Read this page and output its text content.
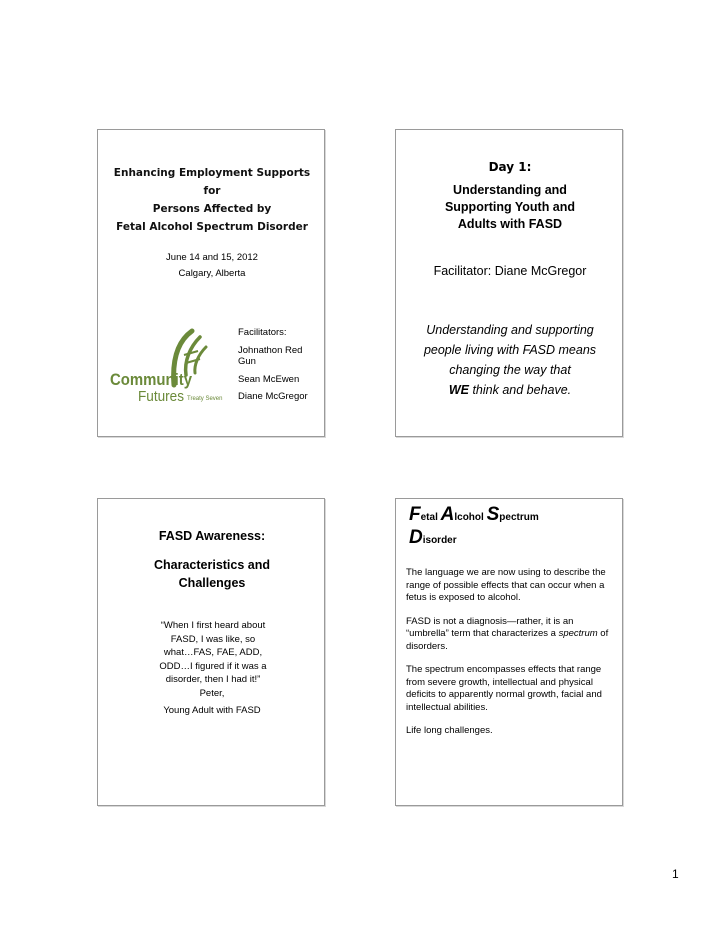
Enhancing Employment Supports
for
Persons Affected by
Fetal Alcohol Spectrum Disorder
June 14 and 15, 2012
Calgary, Alberta
Community
Futures Treaty Seven
Facilitators:
Johnathon Red Gun
Sean McEwen
Diane McGregor
Day 1:
Understanding and
Supporting Youth and
Adults with FASD
Facilitator: Diane McGregor
Understanding and supporting
people living with FASD means
changing the way that
WE think and behave.
FASD Awareness:
Characteristics and
Challenges
“When I first heard about
FASD, I was like, so
what…FAS, FAE, ADD,
ODD…I figured if it was a
disorder, then I had it!”
Peter,
Young Adult with FASD
Fetal Alcohol Spectrum
Disorder

The language we are now using to describe the range of possible effects that can occur when a fetus is exposed to alcohol.

FASD is not a diagnosis—rather, it is an “umbrella” term that characterizes a spectrum of disorders.

The spectrum encompasses effects that range from severe growth, intellectual and physical deficits to apparently normal growth, facial and intellectual abilities.

Life long challenges.

1
